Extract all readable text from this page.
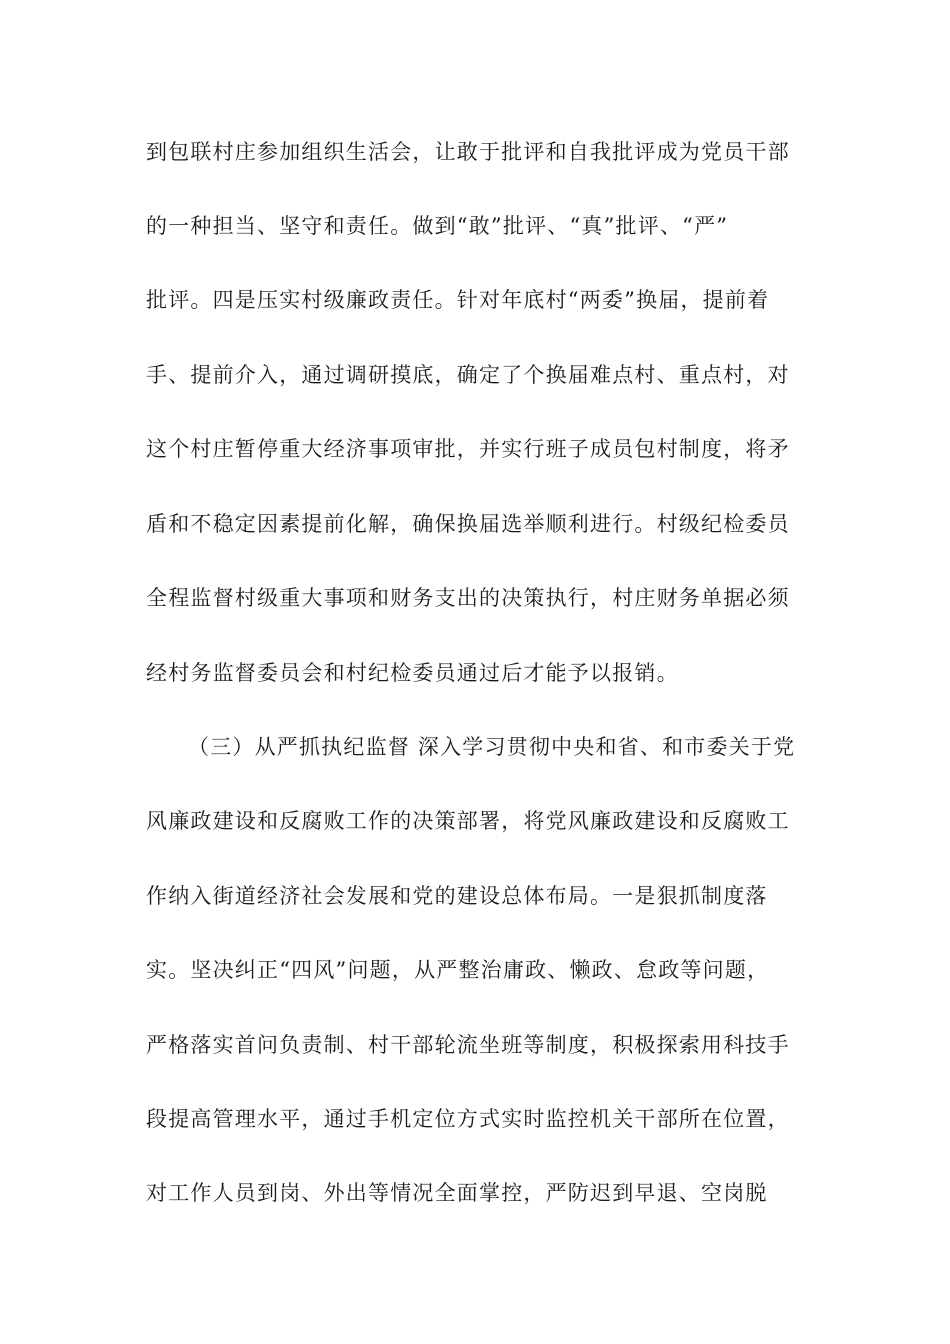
到包联村庄参加组织生活会，让敢于批评和自我批评成为党员干部
的一种担当、坚守和责任。做到“敢”批评、“真”批评、“严”
批评。四是压实村级廉政责任。针对年底村“两委”换届，提前着
手、提前介入，通过调研摸底，确定了个换届难点村、重点村，对
这个村庄暂停重大经济事项审批，并实行班子成员包村制度，将矛
盾和不稳定因素提前化解，确保换届选举顺利进行。村级纪检委员
全程监督村级重大事项和财务支出的决策执行，村庄财务单据必须
经村务监督委员会和村纪检委员通过后才能予以报销。
（三）从严抓执纪监督 深入学习贯彻中央和省、和市委关于党
风廉政建设和反腐败工作的决策部署，将党风廉政建设和反腐败工
作纳入街道经济社会发展和党的建设总体布局。一是狠抓制度落
实。坚决纠正“四风”问题，从严整治庸政、懒政、怠政等问题，
严格落实首问负责制、村干部轮流坐班等制度，积极探索用科技手
段提高管理水平，通过手机定位方式实时监控机关干部所在位置，
对工作人员到岗、外出等情况全面掌控，严防迟到早退、空岗脱
